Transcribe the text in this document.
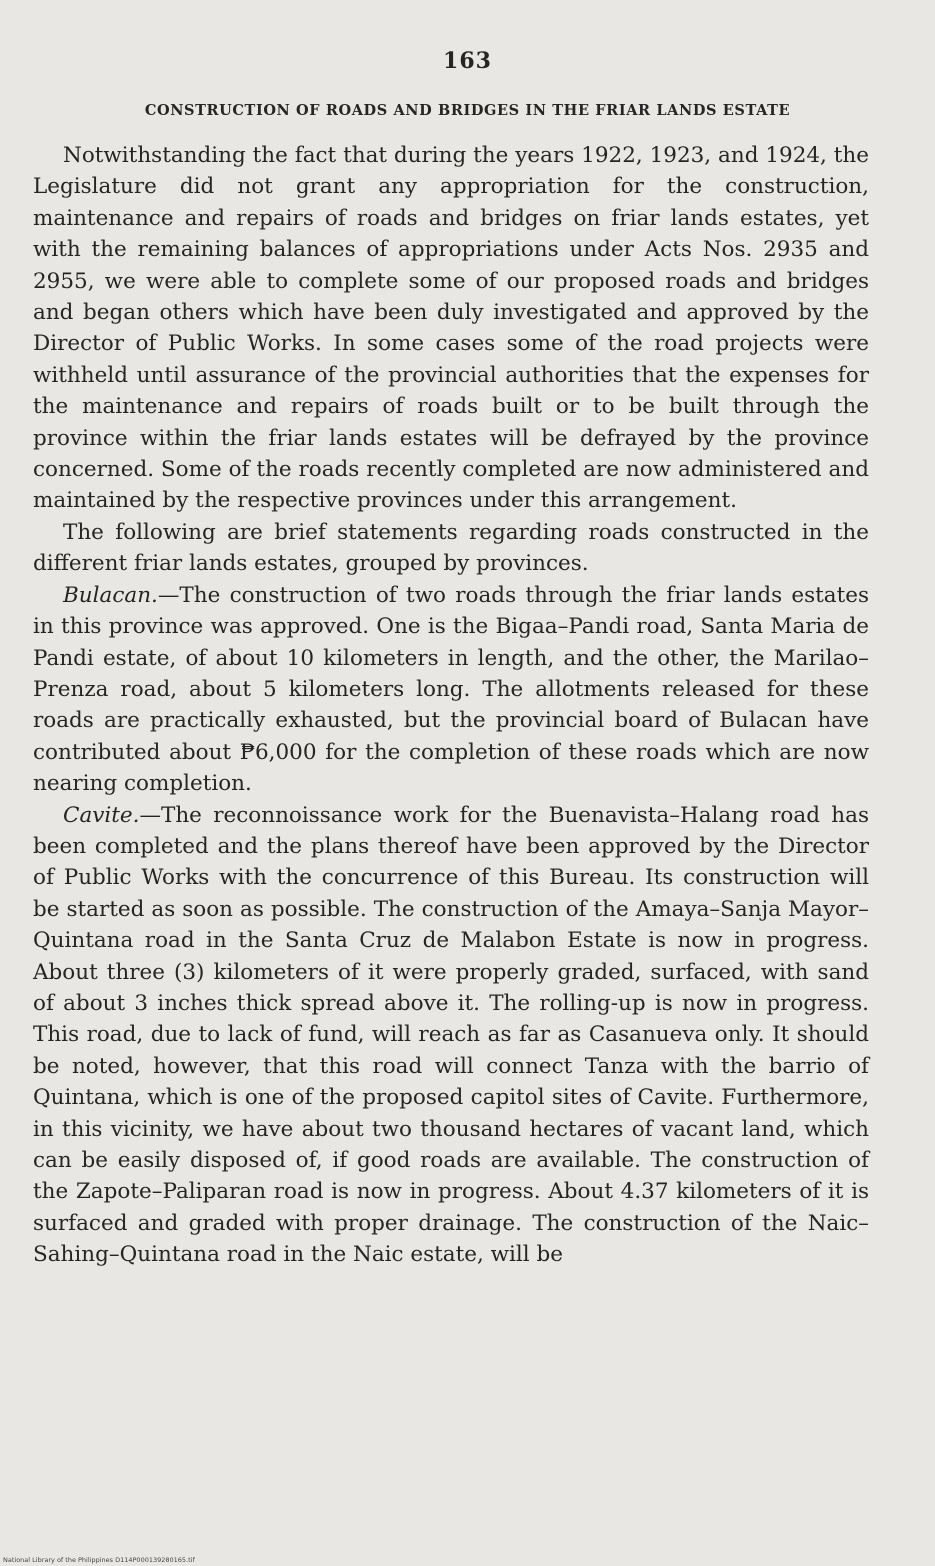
163
CONSTRUCTION OF ROADS AND BRIDGES IN THE FRIAR LANDS ESTATE

Notwithstanding the fact that during the years 1922, 1923, and 1924, the Legislature did not grant any appropriation for the construction, maintenance and repairs of roads and bridges on friar lands estates, yet with the remaining balances of appropriations under Acts Nos. 2935 and 2955, we were able to complete some of our proposed roads and bridges and began others which have been duly investigated and approved by the Director of Public Works. In some cases some of the road projects were withheld until assurance of the provincial authorities that the expenses for the maintenance and repairs of roads built or to be built through the province within the friar lands estates will be defrayed by the province concerned. Some of the roads recently completed are now administered and maintained by the respective provinces under this arrangement.

The following are brief statements regarding roads constructed in the different friar lands estates, grouped by provinces.

Bulacan.—The construction of two roads through the friar lands estates in this province was approved. One is the Bigaa–Pandi road, Santa Maria de Pandi estate, of about 10 kilometers in length, and the other, the Marilao–Prenza road, about 5 kilometers long. The allotments released for these roads are practically exhausted, but the provincial board of Bulacan have contributed about ₱6,000 for the completion of these roads which are now nearing completion.

Cavite.—The reconnoissance work for the Buenavista–Halang road has been completed and the plans thereof have been approved by the Director of Public Works with the concurrence of this Bureau. Its construction will be started as soon as possible. The construction of the Amaya–Sanja Mayor–Quintana road in the Santa Cruz de Malabon Estate is now in progress. About three (3) kilometers of it were properly graded, surfaced, with sand of about 3 inches thick spread above it. The rolling-up is now in progress. This road, due to lack of fund, will reach as far as Casanueva only. It should be noted, however, that this road will connect Tanza with the barrio of Quintana, which is one of the proposed capitol sites of Cavite. Furthermore, in this vicinity, we have about two thousand hectares of vacant land, which can be easily disposed of, if good roads are available. The construction of the Zapote–Paliparan road is now in progress. About 4.37 kilometers of it is surfaced and graded with proper drainage. The construction of the Naic–Sahing–Quintana road in the Naic estate, will be

National Library of the Philippines D114P000139280165.tif
